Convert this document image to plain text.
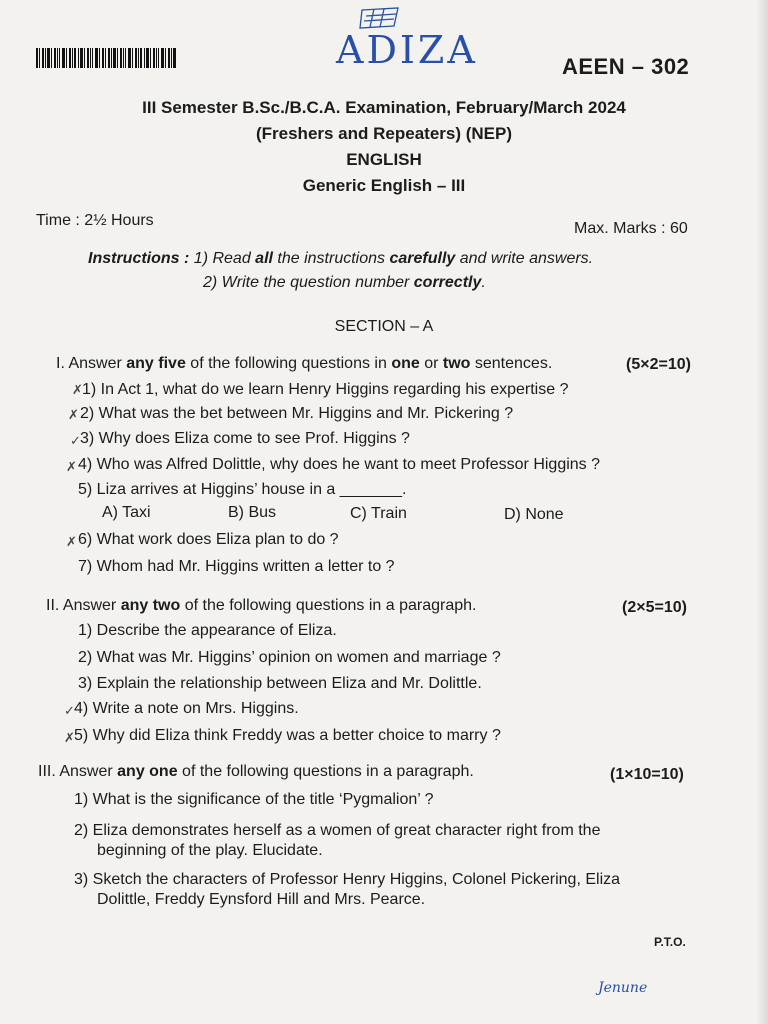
ADIZA	AEEN – 302
III Semester B.Sc./B.C.A. Examination, February/March 2024
(Freshers and Repeaters) (NEP)
ENGLISH
Generic English – III
Time : 2½ Hours	Max. Marks : 60
Instructions : 1) Read all the instructions carefully and write answers.
2) Write the question number correctly.
SECTION – A
I. Answer any five of the following questions in one or two sentences.	(5×2=10)
✗ 1) In Act 1, what do we learn Henry Higgins regarding his expertise ?
✗ 2) What was the bet between Mr. Higgins and Mr. Pickering ?
✓ 3) Why does Eliza come to see Prof. Higgins ?
✗ 4) Who was Alfred Dolittle, why does he want to meet Professor Higgins ?
5) Liza arrives at Higgins’ house in a _______.
A) Taxi	B) Bus	C) Train	D) None
✗ 6) What work does Eliza plan to do ?
7) Whom had Mr. Higgins written a letter to ?
II. Answer any two of the following questions in a paragraph.	(2×5=10)
1) Describe the appearance of Eliza.
2) What was Mr. Higgins’ opinion on women and marriage ?
3) Explain the relationship between Eliza and Mr. Dolittle.
✓ 4) Write a note on Mrs. Higgins.
✗ 5) Why did Eliza think Freddy was a better choice to marry ?
III. Answer any one of the following questions in a paragraph.	(1×10=10)
1) What is the significance of the title ‘Pygmalion’ ?
2) Eliza demonstrates herself as a women of great character right from the
beginning of the play. Elucidate.
3) Sketch the characters of Professor Henry Higgins, Colonel Pickering, Eliza
Dolittle, Freddy Eynsford Hill and Mrs. Pearce.
P.T.O.
Jenune
